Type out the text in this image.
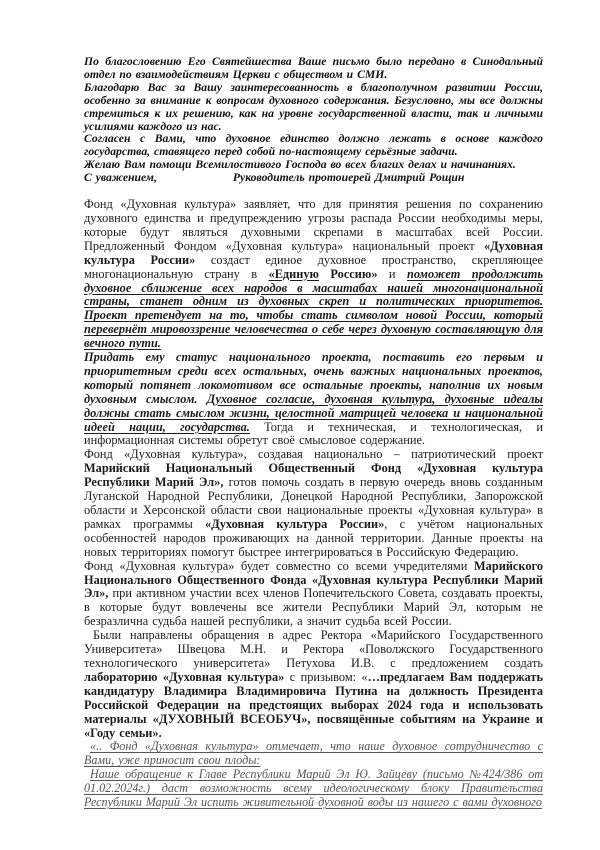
По благословению Его Святейшества Ваше письмо было передано в Синодальный отдел по взаимодействиям Церкви с обществом и СМИ.

Благодарю Вас за Вашу заинтересованность в благополучном развитии России, особенно за внимание к вопросам духовного содержания. Безусловно, мы все должны стремиться к их решению, как на уровне государственной власти, так и личными усилиями каждого из нас.

Согласен с Вами, что духовное единство должно лежать в основе каждого государства, ставящего перед собой по-настоящему серьёзные задачи.

Желаю Вам помощи Всемилостивого Господа во всех благих делах и начинаниях.

С уважением,	Руководитель протоиерей Дмитрий Рощин

Фонд «Духовная культура» заявляет, что для принятия решения по сохранению духовного единства и предупреждению угрозы распада России необходимы меры, которые будут являться духовными скрепами в масштабах всей России. Предложенный Фондом «Духовная культура» национальный проект «Духовная культура России» создаст единое духовное пространство, скрепляющее многонациональную страну в «Единую Россию» и поможет продолжить духовное сближение всех народов в масштабах нашей многонациональной страны, станет одним из духовных скреп и политических приоритетов. Проект претендует на то, чтобы стать символом новой России, который перевернёт мировоззрение человечества о себе через духовную составляющую для вечного пути.

Придать ему статус национального проекта, поставить его первым и приоритетным среди всех остальных, очень важных национальных проектов, который потянет локомотивом все остальные проекты, наполнив их новым духовным смыслом. Духовное согласие, духовная культура, духовные идеалы должны стать смыслом жизни, целостной матрицей человека и национальной идеей нации, государства. Тогда и техническая, и технологическая, и информационная системы обретут своё смысловое содержание.

Фонд «Духовная культура», создавая национально – патриотический проект Марийский Национальный Общественный Фонд «Духовная культура Республики Марий Эл», готов помочь создать в первую очередь вновь созданным Луганской Народной Республики, Донецкой Народной Республики, Запорожской области и Херсонской области свои национальные проекты «Духовная культура» в рамках программы «Духовная культура России», с учётом национальных особенностей народов проживающих на данной территории. Данные проекты на новых территориях помогут быстрее интегрироваться в Российскую Федерацию.

Фонд «Духовная культура» будет совместно со всеми учредителями Марийского Национального Общественного Фонда «Духовная культура Республики Марий Эл», при активном участии всех членов Попечительского Совета, создавать проекты, в которые будут вовлечены все жители Республики Марий Эл, которым не безразлична судьба нашей республики, а значит судьба всей России.

Были направлены обращения в адрес Ректора «Марийского Государственного Университета» Швецова М.Н. и Ректора «Поволжского Государственного технологического университета» Петухова И.В. с предложением создать лабораторию «Духовная культура» с призывом: «…предлагаем Вам поддержать кандидатуру Владимира Владимировича Путина на должность Президента Российской Федерации на предстоящих выборах 2024 года и использовать материалы «ДУХОВНЫЙ ВСЕОБУЧ», посвящённые событиям на Украине и «Году семьи».

«.. Фонд «Духовная культура» отмечает, что наше духовное сотрудничество с Вами, уже приносит свои плоды:

Наше обращение к Главе Республики Марий Эл Ю. Зайцеву (письмо №424/386 от 01.02.2024г.) даст возможность всему идеологическому блоку Правительства Республики Марий Эл испить живительной духовной воды из нашего с вами духовного
